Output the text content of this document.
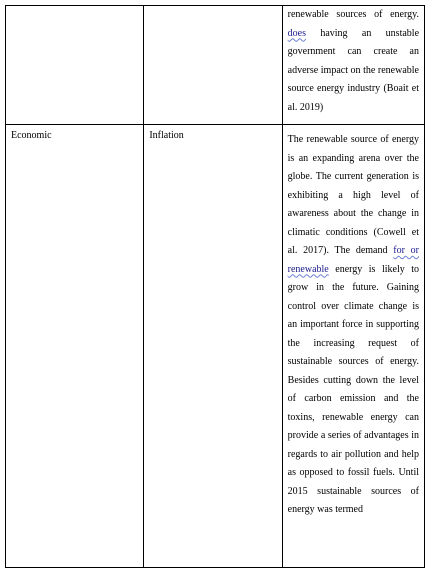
		renewable sources of energy. does having an unstable government can create an adverse impact on the renewable source energy industry (Boait et al. 2019)

Economic	Inflation	The renewable source of energy is an expanding arena over the globe. The current generation is exhibiting a high level of awareness about the change in climatic conditions (Cowell et al. 2017). The demand for or renewable energy is likely to grow in the future. Gaining control over climate change is an important force in supporting the increasing request of sustainable sources of energy. Besides cutting down the level of carbon emission and the toxins, renewable energy can provide a series of advantages in regards to air pollution and help as opposed to fossil fuels. Until 2015 sustainable sources of energy was termed
